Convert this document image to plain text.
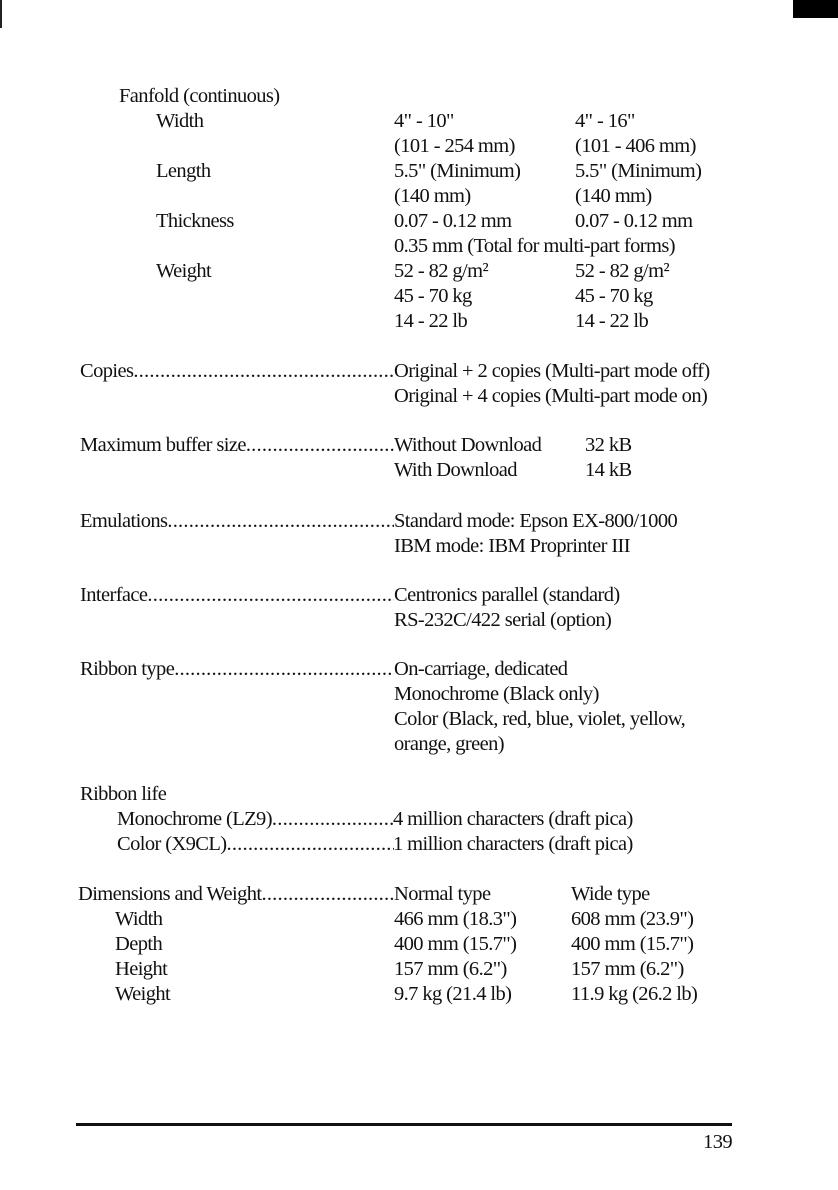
Fanfold (continuous)
Width	4" - 10"	4" - 16"
(101 - 254 mm)	(101 - 406 mm)
Length	5.5" (Minimum)	5.5" (Minimum)
(140 mm)	(140 mm)
Thickness	0.07 - 0.12 mm	0.07 - 0.12 mm
0.35 mm (Total for multi-part forms)
Weight	52 - 82 g/m²	52 - 82 g/m²
45 - 70 kg	45 - 70 kg
14 - 22 lb	14 - 22 lb
Copies .....	Original + 2 copies (Multi-part mode off)
Original + 4 copies (Multi-part mode on)
Maximum buffer size .....	Without Download 32 kB
With Download	14 kB
Emulations .....	Standard mode: Epson EX-800/1000
IBM mode: IBM Proprinter III
Interface .....	Centronics parallel (standard)
RS-232C/422 serial (option)
Ribbon type .....	On-carriage, dedicated
Monochrome (Black only)
Color (Black, red, blue, violet, yellow,
orange, green)
Ribbon life
Monochrome (LZ9) .....	4 million characters (draft pica)
Color (X9CL) .....	1 million characters (draft pica)
Dimensions and Weight .....	Normal type	Wide type
Width	466 mm (18.3")	608 mm (23.9")
Depth	400 mm (15.7")	400 mm (15.7")
Height	157 mm (6.2")	157 mm (6.2")
Weight	9.7 kg (21.4 lb)	11.9 kg (26.2 lb)
139
